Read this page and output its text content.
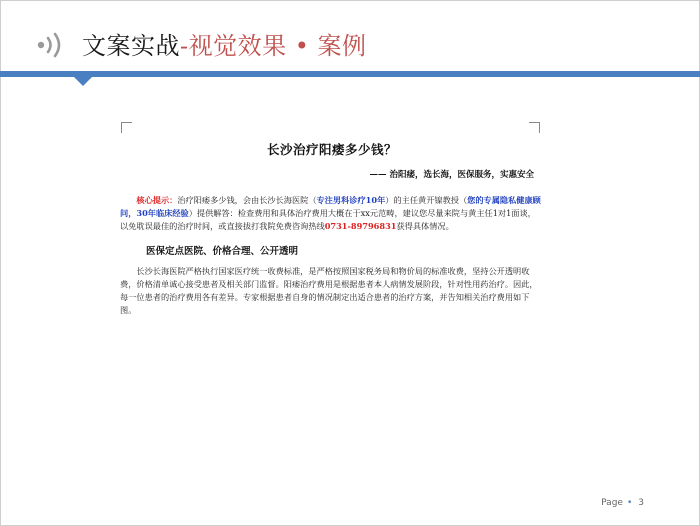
文案实战-视觉效果 • 案例
长沙治疗阳痿多少钱？
—— 治阳痿，选长海，医保服务，实惠安全

核心提示：治疗阳痿多少钱，会由长沙长海医院（专注男科诊疗10年）的主任黄开镍教授（您的专属隐私健康顾问，30年临床经验）提供解答：检查费用和具体治疗费用大概在于xx元范畴，建议您尽量来院与黄主任1对1面谈，以免耽误最佳的治疗时间，或直接拔打我院免费咨询热线0731-89796831获得具体情况。

医保定点医院、价格合理、公开透明

长沙长海医院严格执行国家医疗统一收费标准，是严格按照国家税务局和物价局的标准收费，坚持公开透明收费，价格清单诚心接受患者及相关部门监督。阳痿治疗费用是根据患者本人病情发展阶段，针对性用药治疗。因此，每一位患者的治疗费用各有差异。专家根据患者自身的情况制定出适合患者的治疗方案，并告知相关治疗费用如下图。

Page • 3
